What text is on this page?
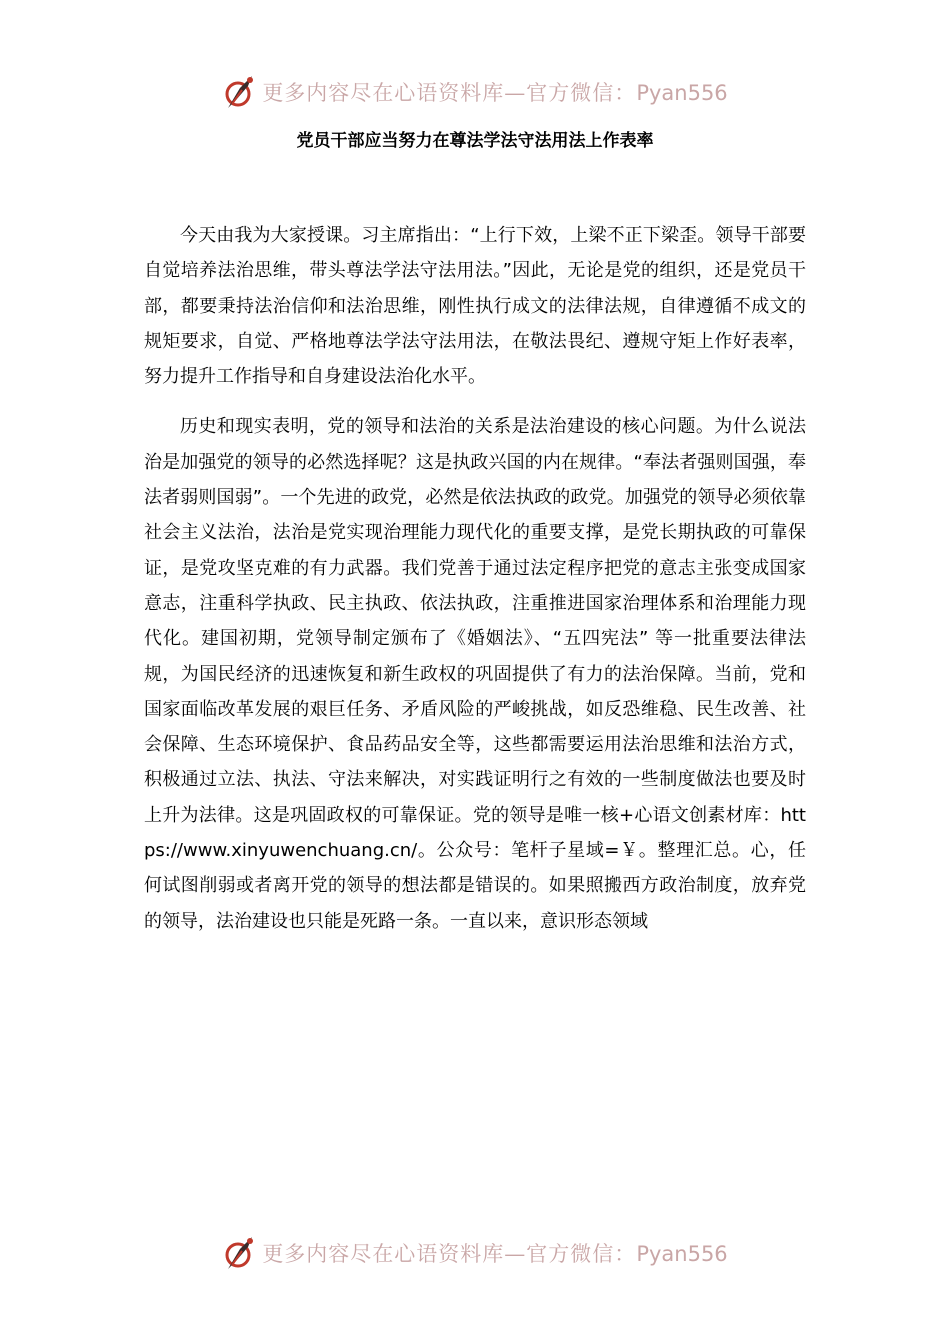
更多内容尽在心语资料库—官方微信：Pyan556
党员干部应当努力在尊法学法守法用法上作表率

今天由我为大家授课。习主席指出：“上行下效，上梁不正下梁歪。领导干部要自觉培养法治思维，带头尊法学法守法用法。”因此，无论是党的组织，还是党员干部，都要秉持法治信仰和法治思维，刚性执行成文的法律法规，自律遵循不成文的规矩要求，自觉、严格地尊法学法守法用法，在敬法畏纪、遵规守矩上作好表率，努力提升工作指导和自身建设法治化水平。

历史和现实表明，党的领导和法治的关系是法治建设的核心问题。为什么说法治是加强党的领导的必然选择呢？这是执政兴国的内在规律。“奉法者强则国强，奉法者弱则国弱”。一个先进的政党，必然是依法执政的政党。加强党的领导必须依靠社会主义法治，法治是党实现治理能力现代化的重要支撑，是党长期执政的可靠保证，是党攻坚克难的有力武器。我们党善于通过法定程序把党的意志主张变成国家意志，注重科学执政、民主执政、依法执政，注重推进国家治理体系和治理能力现代化。建国初期，党领导制定颁布了《婚姻法》、“五四宪法” 等一批重要法律法规，为国民经济的迅速恢复和新生政权的巩固提供了有力的法治保障。当前，党和国家面临改革发展的艰巨任务、矛盾风险的严峻挑战，如反恐维稳、民生改善、社会保障、生态环境保护、食品药品安全等，这些都需要运用法治思维和法治方式，积极通过立法、执法、守法来解决，对实践证明行之有效的一些制度做法也要及时上升为法律。这是巩固政权的可靠保证。党的领导是唯一核+心语文创素材库：https://www.xinyuwenchuang.cn/。公众号：笔杆子星域=￥。整理汇总。心，任何试图削弱或者离开党的领导的想法都是错误的。如果照搬西方政治制度，放弃党的领导，法治建设也只能是死路一条。一直以来，意识形态领域

更多内容尽在心语资料库—官方微信：Pyan556
